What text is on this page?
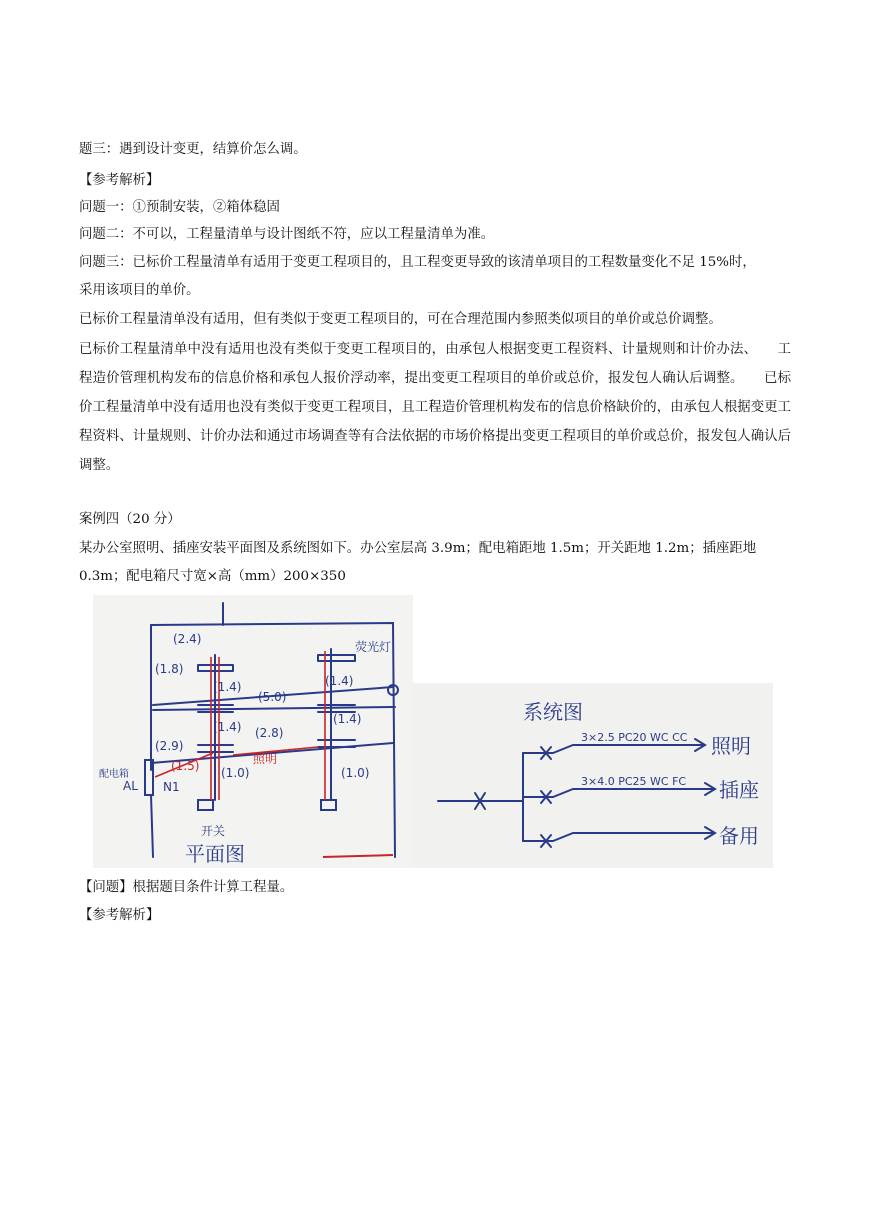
题三：遇到设计变更，结算价怎么调。
【参考解析】
问题一：①预制安装，②箱体稳固
问题二：不可以，工程量清单与设计图纸不符，应以工程量清单为准。
问题三：已标价工程量清单有适用于变更工程项目的，且工程变更导致的该清单项目的工程数量变化不足 15%时，
采用该项目的单价。
已标价工程量清单没有适用，但有类似于变更工程项目的，可在合理范围内参照类似项目的单价或总价调整。
已标价工程量清单中没有适用也没有类似于变更工程项目的，由承包人根据变更工程资料、计量规则和计价办法、　　工程造价管理机构发布的信息价格和承包人报价浮动率，提出变更工程项目的单价或总价，报发包人确认后调整。　　已标价工程量清单中没有适用也没有类似于变更工程项目，且工程造价管理机构发布的信息价格缺价的，由承包人根据变更工程资料、计量规则、计价办法和通过市场调查等有合法依据的市场价格提出变更工程项目的单价或总价，报发包人确认后调整。
案例四（20 分）
某办公室照明、插座安装平面图及系统图如下。办公室层高 3.9m；配电箱距地 1.5m；开关距地 1.2m；插座距地
0.3m；配电箱尺寸宽×高（mm）200×350
(2.4)
(1.8)
(1.4)
(5.0)
(1.4)
荧光灯
(1.4)
(1.4)
(2.8)
(2.9)
(1.0)	(1.0)
N1
AL
配电箱
开关
平面图
(1.5)	照明
系统图
3×2.5 PC20 WC CC
3×4.0 PC25 WC FC
照明
插座
备用
【问题】根据题目条件计算工程量。
【参考解析】
